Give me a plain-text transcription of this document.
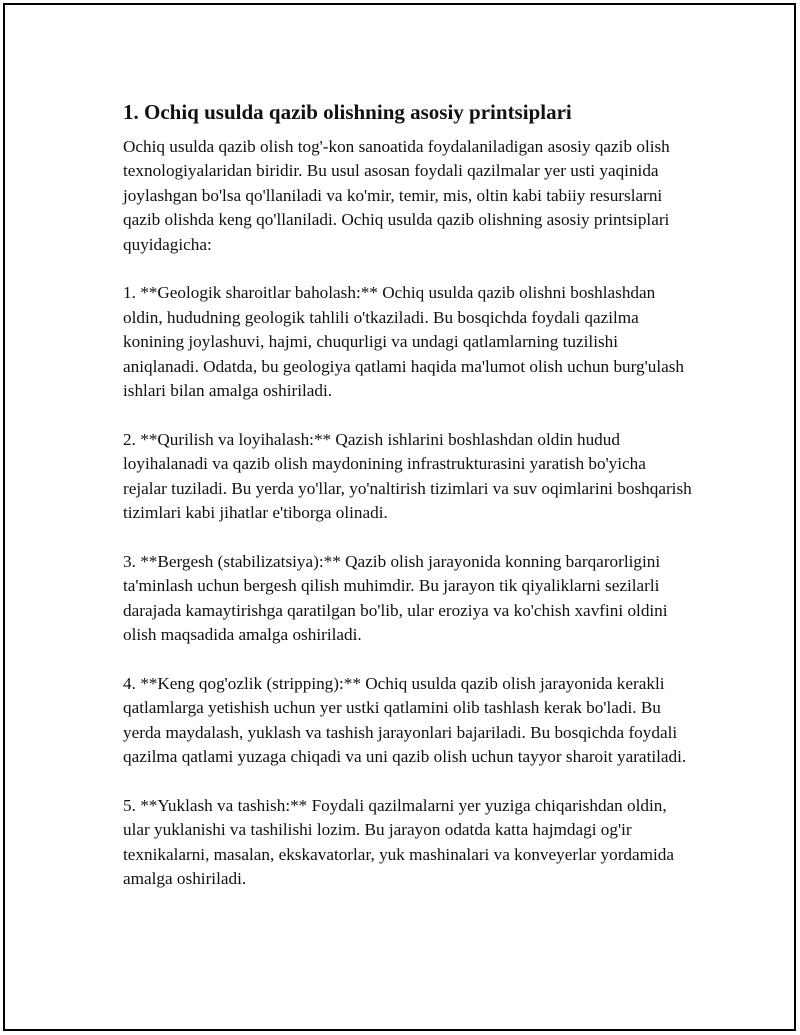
1. Ochiq usulda qazib olishning asosiy printsiplari

Ochiq usulda qazib olish tog'-kon sanoatida foydalaniladigan asosiy qazib olish texnologiyalaridan biridir. Bu usul asosan foydali qazilmalar yer usti yaqinida joylashgan bo'lsa qo'llaniladi va ko'mir, temir, mis, oltin kabi tabiiy resurslarni qazib olishda keng qo'llaniladi. Ochiq usulda qazib olishning asosiy printsiplari quyidagicha:

1. **Geologik sharoitlar baholash:** Ochiq usulda qazib olishni boshlashdan oldin, hududning geologik tahlili o'tkaziladi. Bu bosqichda foydali qazilma konining joylashuvi, hajmi, chuqurligi va undagi qatlamlarning tuzilishi aniqlanadi. Odatda, bu geologiya qatlami haqida ma'lumot olish uchun burg'ulash ishlari bilan amalga oshiriladi.

2. **Qurilish va loyihalash:** Qazish ishlarini boshlashdan oldin hudud loyihalanadi va qazib olish maydonining infrastrukturasini yaratish bo'yicha rejalar tuziladi. Bu yerda yo'llar, yo'naltirish tizimlari va suv oqimlarini boshqarish tizimlari kabi jihatlar e'tiborga olinadi.

3. **Bergesh (stabilizatsiya):** Qazib olish jarayonida konning barqarorligini ta'minlash uchun bergesh qilish muhimdir. Bu jarayon tik qiyaliklarni sezilarli darajada kamaytirishga qaratilgan bo'lib, ular eroziya va ko'chish xavfini oldini olish maqsadida amalga oshiriladi.

4. **Keng qog'ozlik (stripping):** Ochiq usulda qazib olish jarayonida kerakli qatlamlarga yetishish uchun yer ustki qatlamini olib tashlash kerak bo'ladi. Bu yerda maydalash, yuklash va tashish jarayonlari bajariladi. Bu bosqichda foydali qazilma qatlami yuzaga chiqadi va uni qazib olish uchun tayyor sharoit yaratiladi.

5. **Yuklash va tashish:** Foydali qazilmalarni yer yuziga chiqarishdan oldin, ular yuklanishi va tashilishi lozim. Bu jarayon odatda katta hajmdagi og'ir texnikalarni, masalan, ekskavatorlar, yuk mashinalari va konveyerlar yordamida amalga oshiriladi.
